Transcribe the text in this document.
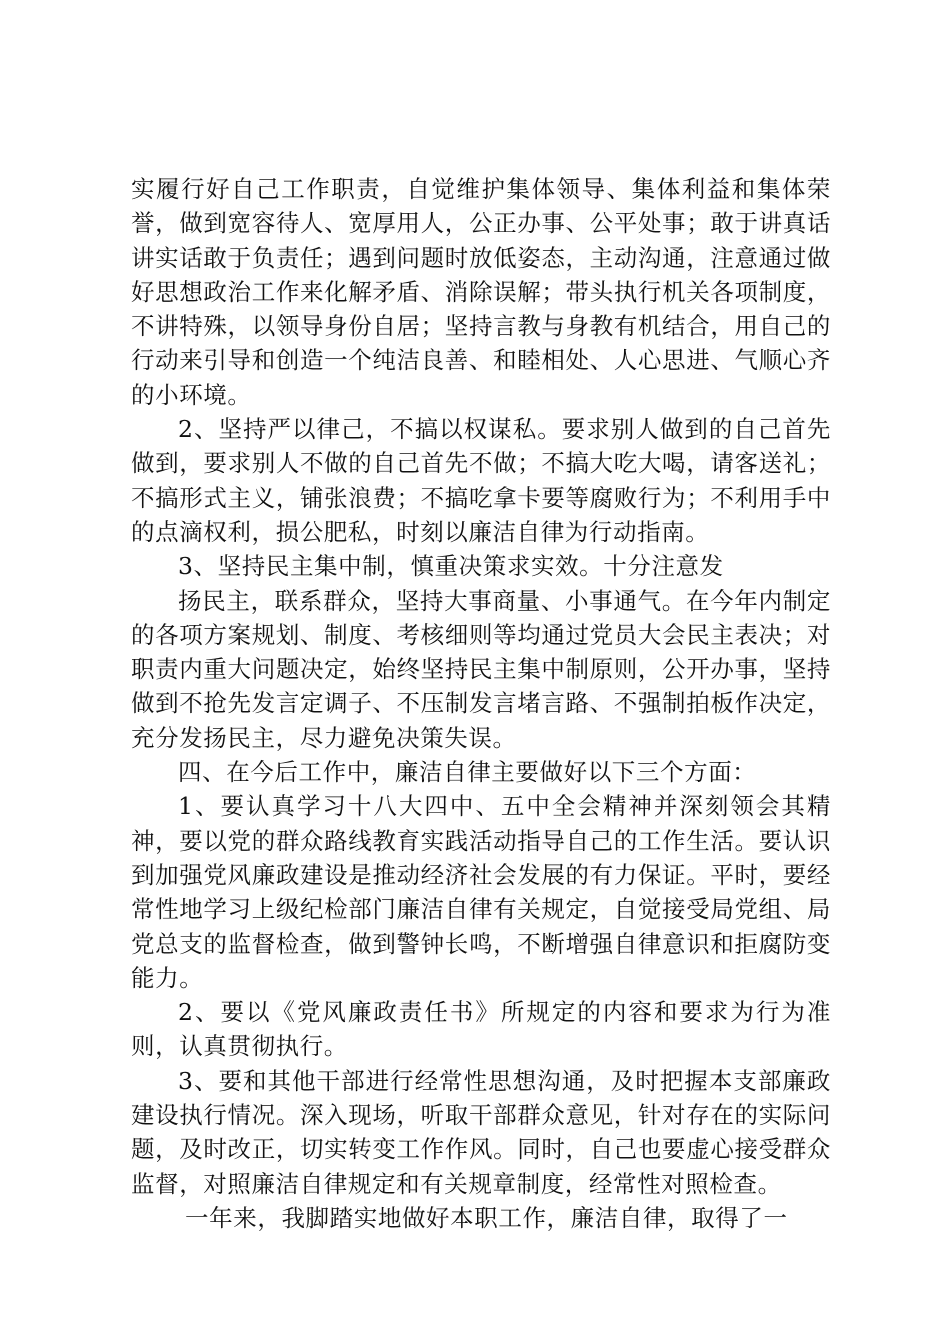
实履行好自己工作职责，自觉维护集体领导、集体利益和集体荣誉，做到宽容待人、宽厚用人，公正办事、公平处事；敢于讲真话讲实话敢于负责任；遇到问题时放低姿态，主动沟通，注意通过做好思想政治工作来化解矛盾、消除误解；带头执行机关各项制度，不讲特殊，以领导身份自居；坚持言教与身教有机结合，用自己的行动来引导和创造一个纯洁良善、和睦相处、人心思进、气顺心齐的小环境。

2、坚持严以律己，不搞以权谋私。要求别人做到的自己首先做到，要求别人不做的自己首先不做；不搞大吃大喝，请客送礼；不搞形式主义，铺张浪费；不搞吃拿卡要等腐败行为；不利用手中的点滴权利，损公肥私，时刻以廉洁自律为行动指南。

3、坚持民主集中制，慎重决策求实效。十分注意发

扬民主，联系群众，坚持大事商量、小事通气。在今年内制定的各项方案规划、制度、考核细则等均通过党员大会民主表决；对职责内重大问题决定，始终坚持民主集中制原则，公开办事，坚持做到不抢先发言定调子、不压制发言堵言路、不强制拍板作决定，充分发扬民主，尽力避免决策失误。

四、在今后工作中，廉洁自律主要做好以下三个方面：

1、要认真学习十八大四中、五中全会精神并深刻领会其精神，要以党的群众路线教育实践活动指导自己的工作生活。要认识到加强党风廉政建设是推动经济社会发展的有力保证。平时，要经常性地学习上级纪检部门廉洁自律有关规定，自觉接受局党组、局党总支的监督检查，做到警钟长鸣，不断增强自律意识和拒腐防变能力。

2、要以《党风廉政责任书》所规定的内容和要求为行为准则，认真贯彻执行。

3、要和其他干部进行经常性思想沟通，及时把握本支部廉政建设执行情况。深入现场，听取干部群众意见，针对存在的实际问题，及时改正，切实转变工作作风。同时，自己也要虚心接受群众监督，对照廉洁自律规定和有关规章制度，经常性对照检查。

一年来，我脚踏实地做好本职工作，廉洁自律，取得了一
